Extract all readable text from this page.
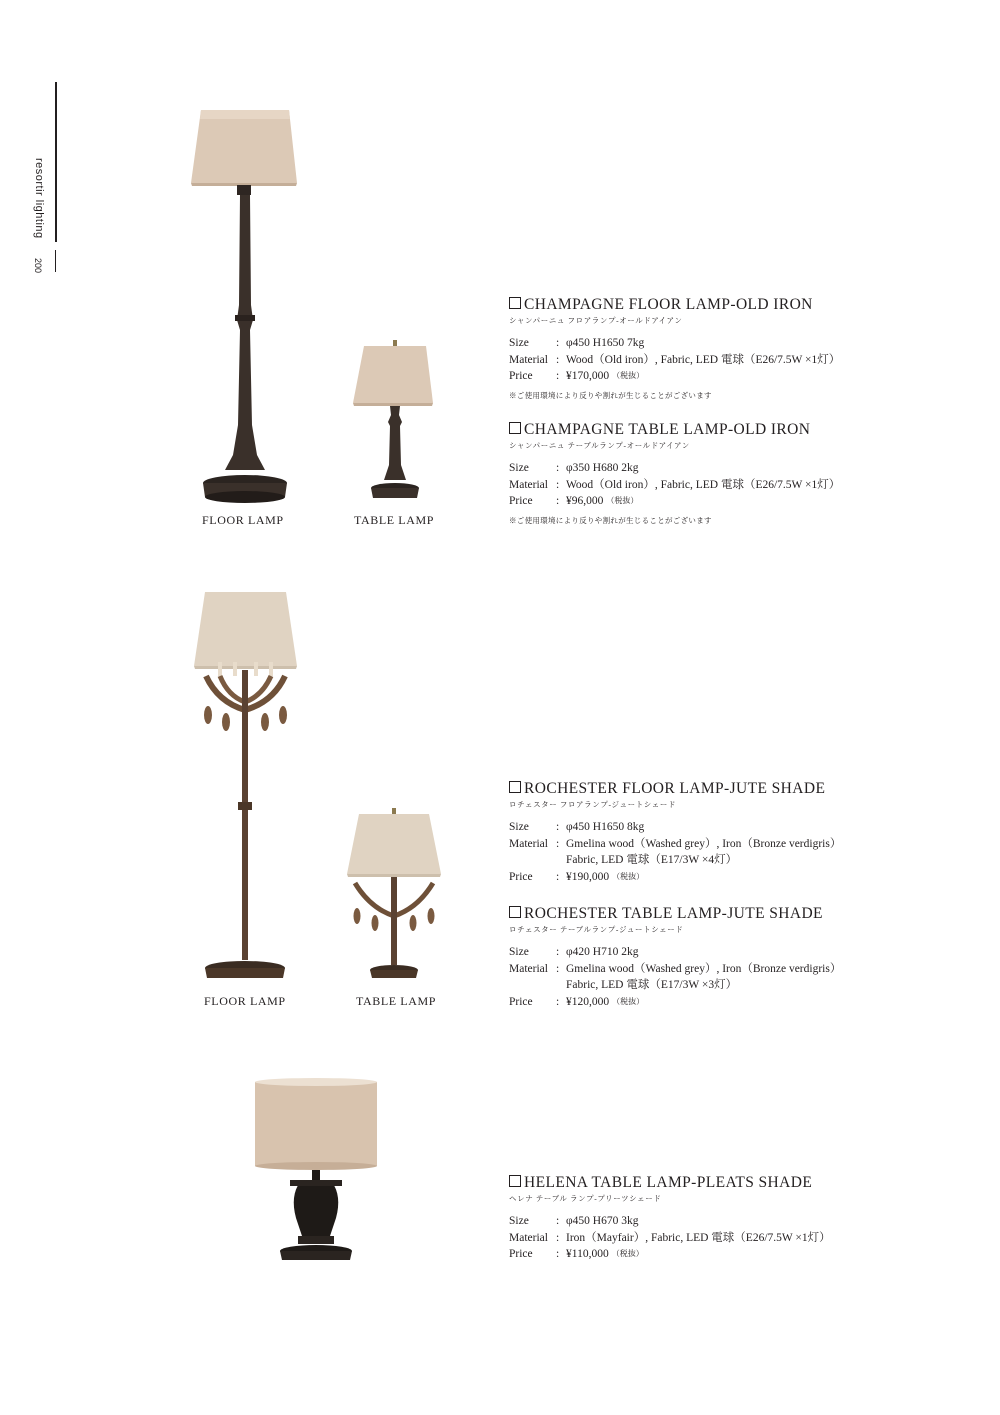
resortir lighting
200
FLOOR LAMP	TABLE LAMP
FLOOR LAMP	TABLE LAMP
CHAMPAGNE FLOOR LAMP-OLD IRON
シャンパーニュ フロアランプ-オールドアイアン
Size	: φ450 H1650 7kg
Material : Wood（Old iron）, Fabric, LED 電球（E26/7.5W ×1灯）
Price	: ¥170,000 （税抜）
※ご使用環境により反りや割れが生じることがございます
CHAMPAGNE TABLE LAMP-OLD IRON
シャンパーニュ テーブルランプ-オールドアイアン
Size	: φ350 H680 2kg
Material : Wood（Old iron）, Fabric, LED 電球（E26/7.5W ×1灯）
Price	: ¥96,000 （税抜）
※ご使用環境により反りや割れが生じることがございます
ROCHESTER FLOOR LAMP-JUTE SHADE
ロチェスター フロアランプ-ジュートシェード
Size	: φ450 H1650 8kg
Material : Gmelina wood（Washed grey）, Iron（Bronze verdigris）
Fabric, LED 電球（E17/3W ×4灯）
Price	: ¥190,000 （税抜）
ROCHESTER TABLE LAMP-JUTE SHADE
ロチェスター テーブルランプ-ジュートシェード
Size	: φ420 H710 2kg
Material : Gmelina wood（Washed grey）, Iron（Bronze verdigris）
Fabric, LED 電球（E17/3W ×3灯）
Price	: ¥120,000 （税抜）
HELENA TABLE LAMP-PLEATS SHADE
ヘレナ テーブル ランプ-プリーツシェード
Size	: φ450 H670 3kg
Material : Iron（Mayfair）, Fabric, LED 電球（E26/7.5W ×1灯）
Price	: ¥110,000 （税抜）
